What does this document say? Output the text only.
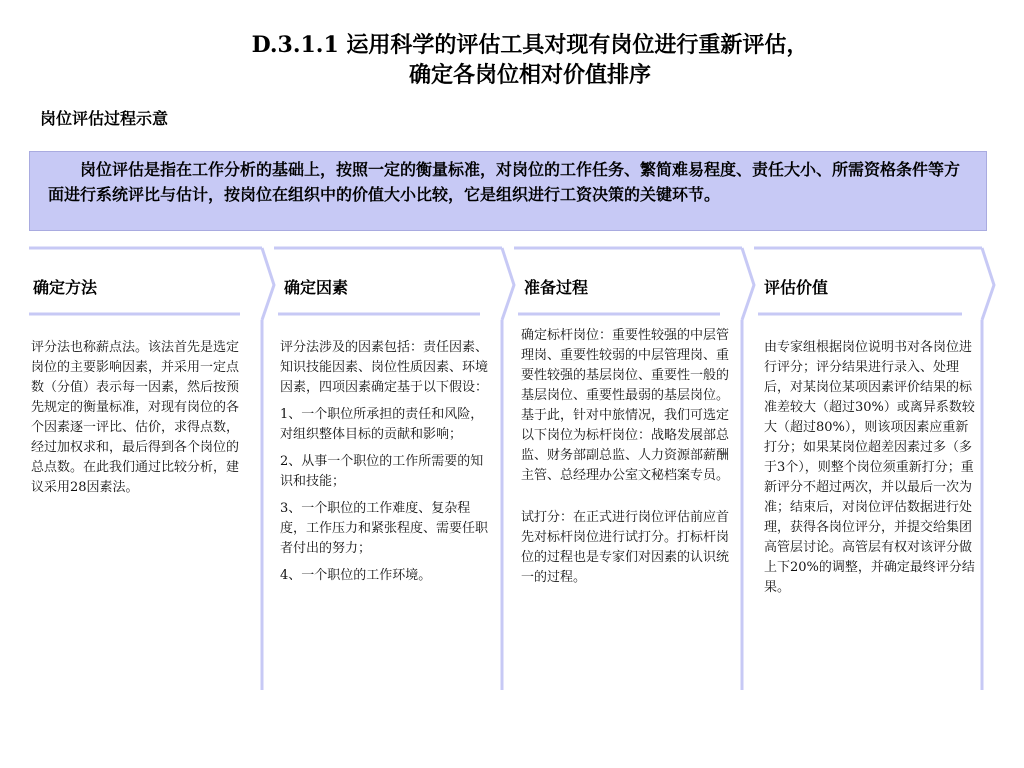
D.3.1.1 运用科学的评估工具对现有岗位进行重新评估，
确定各岗位相对价值排序
岗位评估过程示意

岗位评估是指在工作分析的基础上，按照一定的衡量标准，对岗位的工作任务、繁简难易程度、责任大小、所需资格条件等方面进行系统评比与估计，按岗位在组织中的价值大小比较，它是组织进行工资决策的关键环节。

确定方法	确定因素	准备过程	评估价值

评分法也称薪点法。该法首先是选定岗位的主要影响因素，并采用一定点数（分值）表示每一因素，然后按预先规定的衡量标准，对现有岗位的各个因素逐一评比、估价，求得点数，经过加权求和，最后得到各个岗位的总点数。在此我们通过比较分析，建议采用28因素法。

评分法涉及的因素包括：责任因素、知识技能因素、岗位性质因素、环境因素，四项因素确定基于以下假设：

1、一个职位所承担的责任和风险，对组织整体目标的贡献和影响；

2、从事一个职位的工作所需要的知识和技能；

3、一个职位的工作难度、复杂程度，工作压力和紧张程度、需要任职者付出的努力；

4、一个职位的工作环境。

确定标杆岗位：重要性较强的中层管理岗、重要性较弱的中层管理岗、重要性较强的基层岗位、重要性一般的基层岗位、重要性最弱的基层岗位。基于此，针对中旅情况，我们可选定以下岗位为标杆岗位：战略发展部总监、财务部副总监、人力资源部薪酬主管、总经理办公室文秘档案专员。

试打分：在正式进行岗位评估前应首先对标杆岗位进行试打分。打标杆岗位的过程也是专家们对因素的认识统一的过程。

由专家组根据岗位说明书对各岗位进行评分；评分结果进行录入、处理后，对某岗位某项因素评价结果的标准差较大（超过30%）或离异系数较大（超过80%），则该项因素应重新打分；如果某岗位超差因素过多（多于3个），则整个岗位须重新打分；重新评分不超过两次，并以最后一次为准；结束后，对岗位评估数据进行处理，获得各岗位评分，并提交给集团高管层讨论。高管层有权对该评分做上下20%的调整，并确定最终评分结果。
